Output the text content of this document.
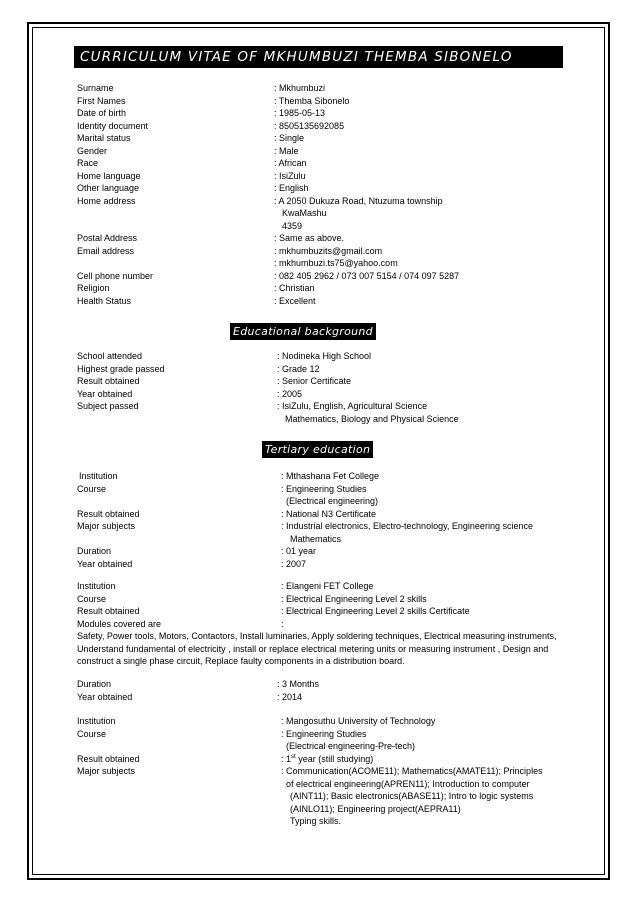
CURRICULUM VITAE OF MKHUMBUZI THEMBA SIBONELO
Surname	: Mkhumbuzi
First Names	: Themba Sibonelo
Date of birth	: 1985-05-13
Identity document	: 8505135692085
Marital status	: Single
Gender	: Male
Race	: African
Home language	: IsiZulu
Other language	: English
Home address	: A 2050 Dukuza Road, Ntuzuma township
KwaMashu
4359
Postal Address	: Same as above.
Email address	: mkhumbuzits@gmail.com
: mkhumbuzi.ts75@yahoo.com
Cell phone number	: 082 405 2962 / 073 007 5154 / 074 097 5287
Religion	: Christian
Health Status	: Excellent
Educational background
School attended	: Nodineka High School
Highest grade passed	: Grade 12
Result obtained	: Senior Certificate
Year obtained	: 2005
Subject passed	: IsiZulu, English, Agricultural Science
Mathematics, Biology and Physical Science
Tertiary education
Institution	: Mthashana Fet College
Course	: Engineering Studies
(Electrical engineering)
Result obtained	: National N3 Certificate
Major subjects	: Industrial electronics, Electro-technology, Engineering science
Mathematics
Duration	: 01 year
Year obtained	: 2007
Institution	: Elangeni FET College
Course	: Electrical Engineering Level 2 skills
Result obtained	: Electrical Engineering Level 2 skills Certificate
Modules covered are	:
Safety, Power tools, Motors, Contactors, Install luminaries, Apply soldering techniques, Electrical measuring instruments, Understand fundamental of electricity , install or replace electrical metering units or measuring instrument , Design and construct a single phase circuit, Replace faulty components in a distribution board.
Duration	: 3 Months
Year obtained	: 2014
Institution	: Mangosuthu University of Technology
Course	: Engineering Studies
(Electrical engineering-Pre-tech)
Result obtained	: 1st year (still studying)
Major subjects	: Communication(ACOME11); Mathematics(AMATE11); Principles
of electrical engineering(APREN11); Introduction to computer
(AINT11); Basic electronics(ABASE11); Intro to logic systems
(AINLO11); Engineering project(AEPRA11)
Typing skills.
